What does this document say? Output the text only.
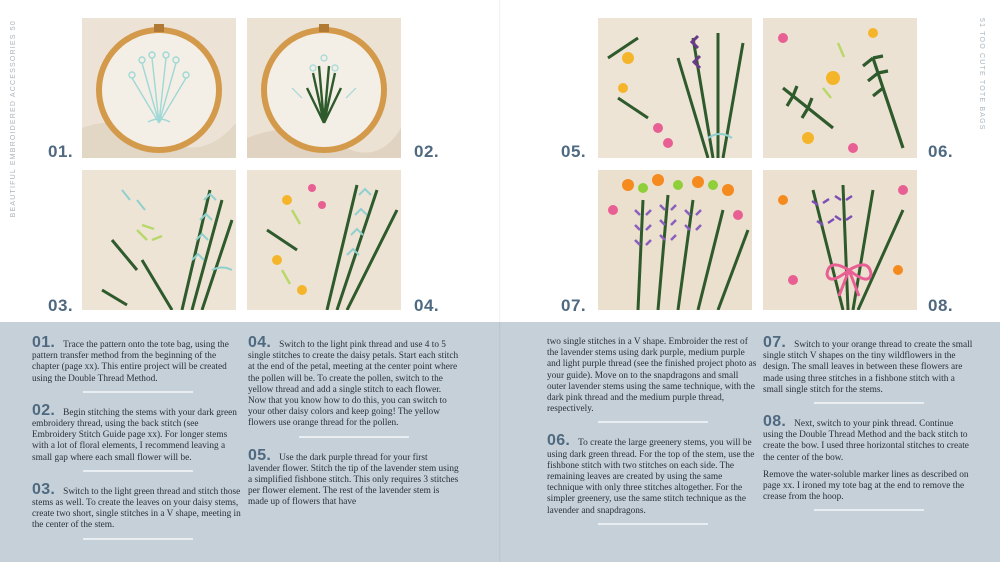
BEAUTIFUL EMBROIDERED ACCESSORIES 50	51 TOO CUTE TOTE BAGS
01.	02.
03.	04.
05.	06.
07.	08.

01. Trace the pattern onto the tote bag, using the pattern transfer method from the beginning of the chapter (page xx). This entire project will be created using the Double Thread Method.

02. Begin stitching the stems with your dark green embroidery thread, using the back stitch (see Embroidery Stitch Guide page xx). For longer stems with a lot of floral elements, I recommend leaving a small gap where each small flower will be.

03. Switch to the light green thread and stitch those stems as well. To create the leaves on your daisy stems, create two short, single stitches in a V shape, meeting in the center of the stem.

04. Switch to the light pink thread and use 4 to 5 single stitches to create the daisy petals. Start each stitch at the end of the petal, meeting at the center point where the pollen will be. To create the pollen, switch to the yellow thread and add a single stitch to each flower. Now that you know how to do this, you can switch to your other daisy colors and keep going! The yellow flowers use orange thread for the pollen.

05. Use the dark purple thread for your first lavender flower. Stitch the tip of the lavender stem using a simplified fishbone stitch. This only requires 3 stitches per flower element. The rest of the lavender stem is made up of flowers that have

two single stitches in a V shape. Embroider the rest of the lavender stems using dark purple, medium purple and light purple thread (see the finished project photo as your guide). Move on to the snapdragons and small outer lavender stems using the same technique, with the dark pink thread and the medium purple thread, respectively.

06. To create the large greenery stems, you will be using dark green thread. For the top of the stem, use the fishbone stitch with two stitches on each side. The remaining leaves are created by using the same technique with only three stitches altogether. For the simpler greenery, use the same stitch technique as the lavender and snapdragons.

07. Switch to your orange thread to create the small single stitch V shapes on the tiny wildflowers in the design. The small leaves in between these flowers are made using three stitches in a fishbone stitch with a small single stitch for the stems.

08. Next, switch to your pink thread. Continue using the Double Thread Method and the back stitch to create the bow. I used three horizontal stitches to create the center of the bow.

Remove the water-soluble marker lines as described on page xx. I ironed my tote bag at the end to remove the crease from the hoop.
